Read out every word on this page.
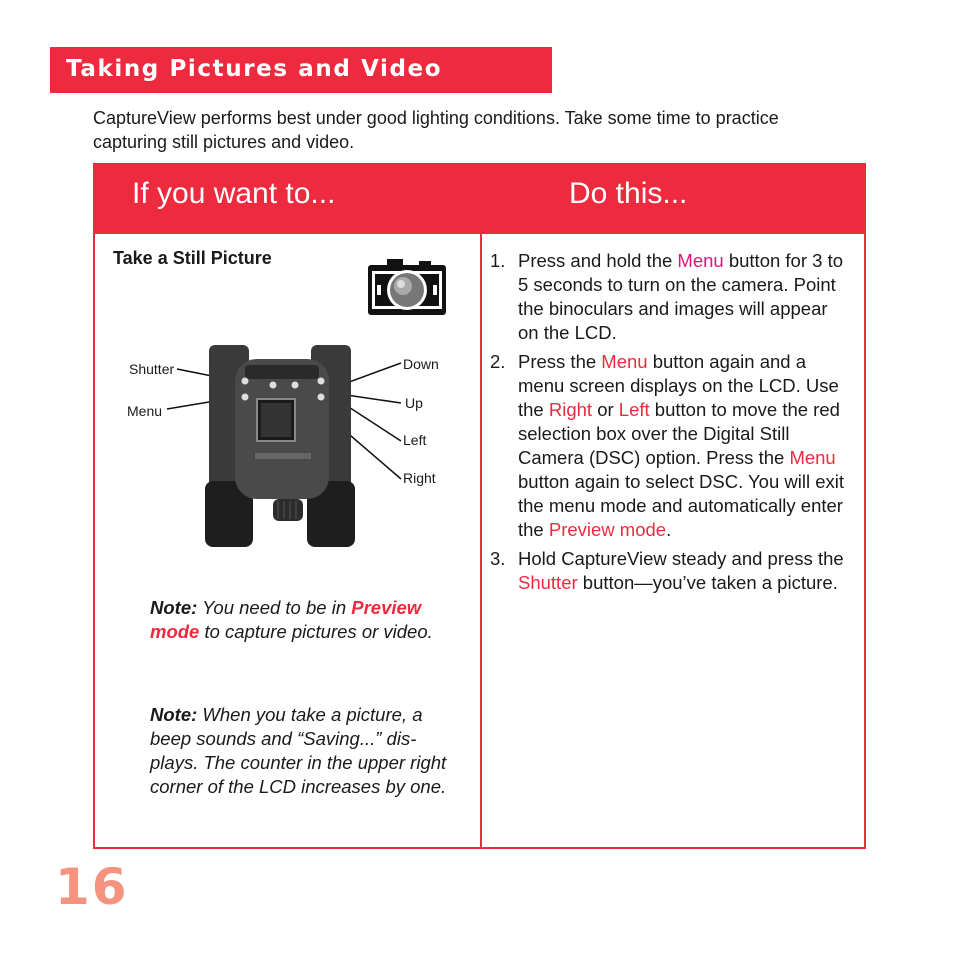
Taking Pictures and Video
CaptureView performs best under good lighting conditions. Take some time to practice capturing still pictures and video.
If you want to...	Do this...
Take a Still Picture
Shutter
Menu
Down
Up
Left
Right
Note: You need to be in Preview mode to capture pictures or video.
Note: When you take a picture, a beep sounds and “Saving...” dis-plays. The counter in the upper right corner of the LCD increases by one.
1. Press and hold the Menu button for 3 to 5 seconds to turn on the camera. Point the binoculars and images will appear on the LCD.
2. Press the Menu button again and a menu screen displays on the LCD. Use the Right or Left button to move the red selection box over the Digital Still Camera (DSC) option. Press the Menu button again to select DSC. You will exit the menu mode and automatically enter the Preview mode.
3. Hold CaptureView steady and press the Shutter button—you’ve taken a picture.
16
